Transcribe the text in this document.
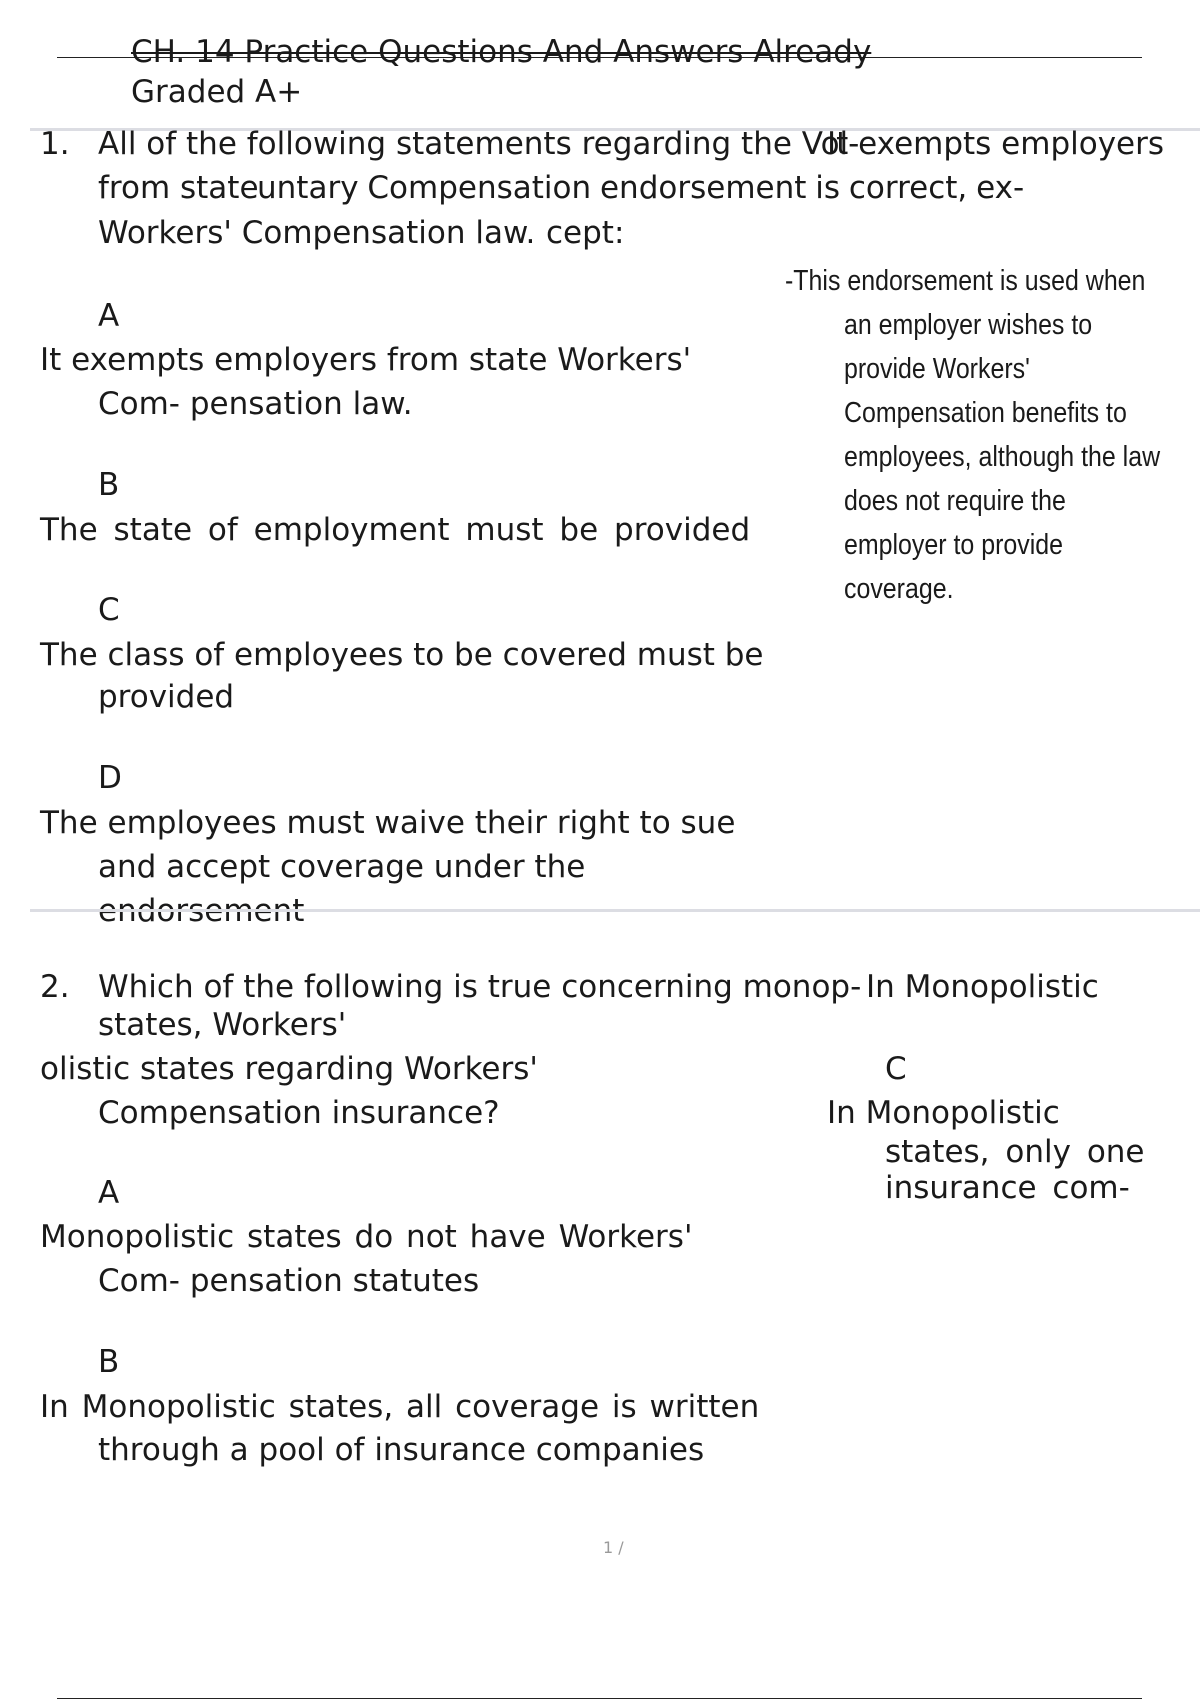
CH. 14 Practice Questions And Answers Already
Graded A+
1. All of the following statements regarding the Vol-
It exempts employers
from state
untary Compensation endorsement is correct, ex-
Workers' Compensation law. cept:
A
It exempts employers from state Workers'
Com- pensation law.
B
The state of employment must be provided
C
The class of employees to be covered must be
provided
D
The employees must waive their right to sue
and accept coverage under the
endorsement
-This endorsement is used when
an employer wishes to
provide Workers'
Compensation benefits to
employees, although the law
does not require the
employer to provide
coverage.
2. Which of the following is true concerning monop- In Monopolistic
states, Workers'
olistic states regarding Workers'
Compensation insurance?
C
In Monopolistic
states, only one
insurance com-
A
Monopolistic states do not have Workers'
Com- pensation statutes
B
In Monopolistic states, all coverage is written
through a pool of insurance companies
1 /
